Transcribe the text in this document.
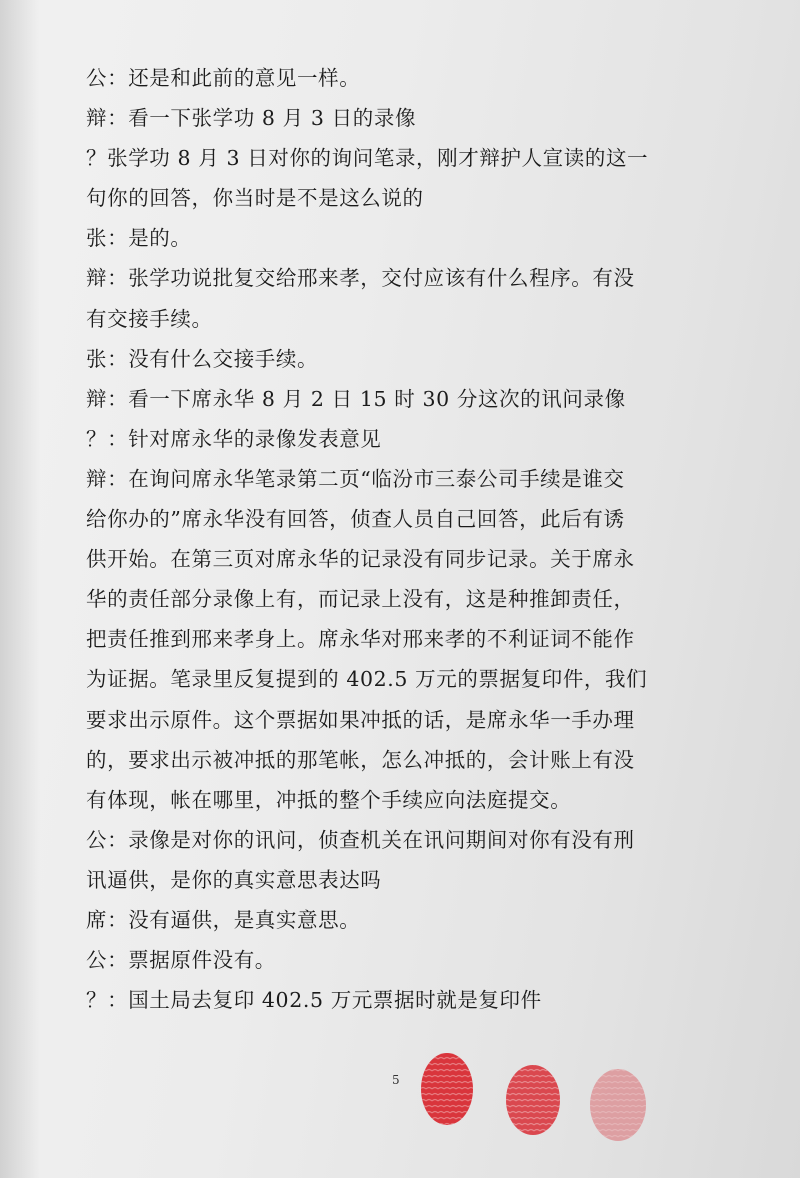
公：还是和此前的意见一样。
辩：看一下张学功 8 月 3 日的录像
？张学功 8 月 3 日对你的询问笔录，刚才辩护人宣读的这一
句你的回答，你当时是不是这么说的
张：是的。
辩：张学功说批复交给邢来孝，交付应该有什么程序。有没
有交接手续。
张：没有什么交接手续。
辩：看一下席永华 8 月 2 日 15 时 30 分这次的讯问录像
？：针对席永华的录像发表意见
辩：在询问席永华笔录第二页“临汾市三泰公司手续是谁交
给你办的”席永华没有回答，侦查人员自己回答，此后有诱
供开始。在第三页对席永华的记录没有同步记录。关于席永
华的责任部分录像上有，而记录上没有，这是种推卸责任，
把责任推到邢来孝身上。席永华对邢来孝的不利证词不能作
为证据。笔录里反复提到的 402.5 万元的票据复印件，我们
要求出示原件。这个票据如果冲抵的话，是席永华一手办理
的，要求出示被冲抵的那笔帐，怎么冲抵的，会计账上有没
有体现，帐在哪里，冲抵的整个手续应向法庭提交。
公：录像是对你的讯问，侦查机关在讯问期间对你有没有刑
讯逼供，是你的真实意思表达吗
席：没有逼供，是真实意思。
公：票据原件没有。
？：国土局去复印 402.5 万元票据时就是复印件
5
